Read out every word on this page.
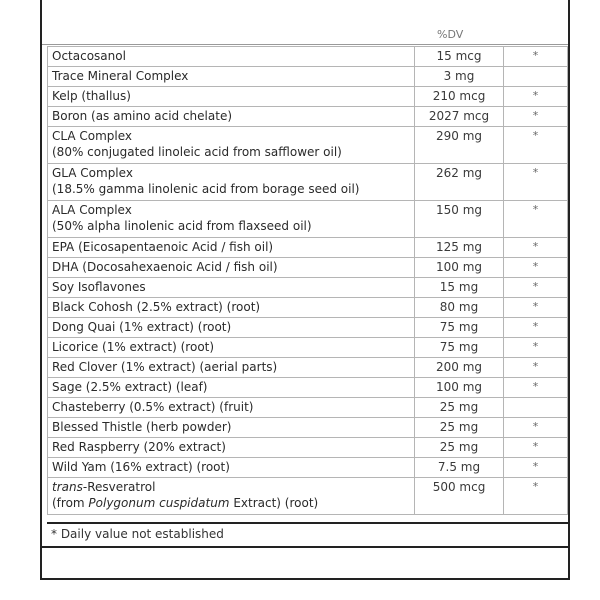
%DV
Octacosanol	15 mcg	*
Trace Mineral Complex	3 mg	
Kelp (thallus)	210 mcg	*
Boron (as amino acid chelate)	2027 mcg	*
CLA Complex
(80% conjugated linoleic acid from safflower oil)	290 mg	*
GLA Complex
(18.5% gamma linolenic acid from borage seed oil)	262 mg	*
ALA Complex
(50% alpha linolenic acid from flaxseed oil)	150 mg	*
EPA (Eicosapentaenoic Acid / fish oil)	125 mg	*
DHA (Docosahexaenoic Acid / fish oil)	100 mg	*
Soy Isoflavones	15 mg	*
Black Cohosh (2.5% extract) (root)	80 mg	*
Dong Quai (1% extract) (root)	75 mg	*
Licorice (1% extract) (root)	75 mg	*
Red Clover (1% extract) (aerial parts)	200 mg	*
Sage (2.5% extract) (leaf)	100 mg	*
Chasteberry (0.5% extract) (fruit)	25 mg	
Blessed Thistle (herb powder)	25 mg	*
Red Raspberry (20% extract)	25 mg	*
Wild Yam (16% extract) (root)	7.5 mg	*
trans-Resveratrol
(from Polygonum cuspidatum Extract) (root)	500 mcg	*
* Daily value not established
